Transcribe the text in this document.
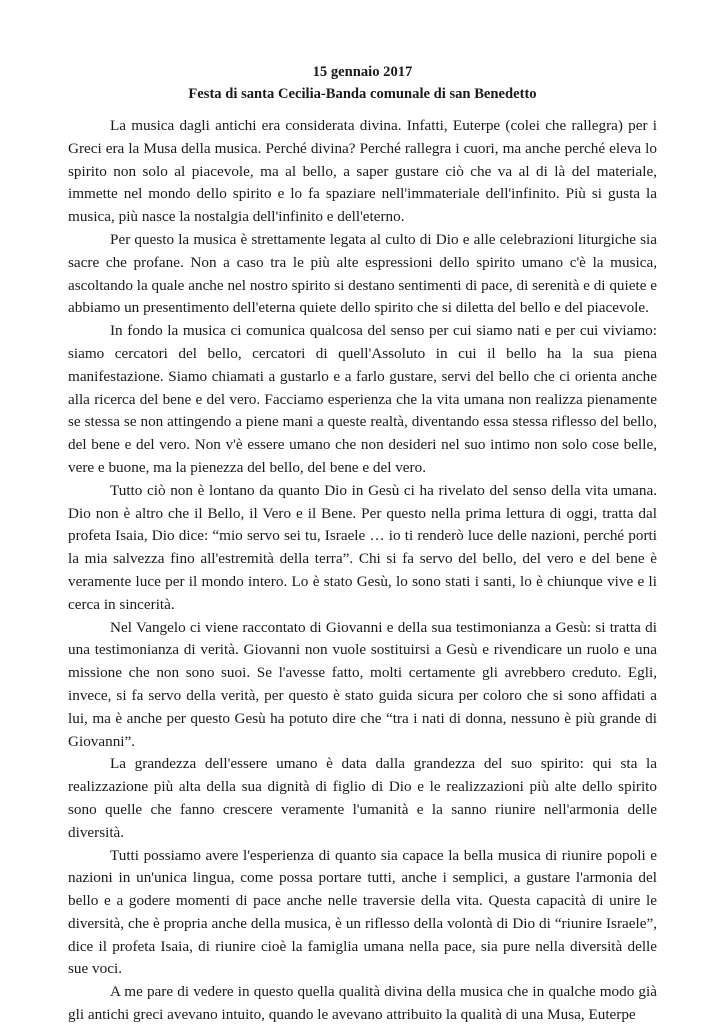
15 gennaio 2017
Festa di santa Cecilia-Banda comunale di san Benedetto

La musica dagli antichi era considerata divina. Infatti, Euterpe (colei che rallegra) per i Greci era la Musa della musica. Perché divina? Perché rallegra i cuori, ma anche perché eleva lo spirito non solo al piacevole, ma al bello, a saper gustare ciò che va al di là del materiale, immette nel mondo dello spirito e lo fa spaziare nell'immateriale dell'infinito. Più si gusta la musica, più nasce la nostalgia dell'infinito e dell'eterno.

Per questo la musica è strettamente legata al culto di Dio e alle celebrazioni liturgiche sia sacre che profane. Non a caso tra le più alte espressioni dello spirito umano c'è la musica, ascoltando la quale anche nel nostro spirito si destano sentimenti di pace, di serenità e di quiete e abbiamo un presentimento dell'eterna quiete dello spirito che si diletta del bello e del piacevole.

In fondo la musica ci comunica qualcosa del senso per cui siamo nati e per cui viviamo: siamo cercatori del bello, cercatori di quell'Assoluto in cui il bello ha la sua piena manifestazione. Siamo chiamati a gustarlo e a farlo gustare, servi del bello che ci orienta anche alla ricerca del bene e del vero. Facciamo esperienza che la vita umana non realizza pienamente se stessa se non attingendo a piene mani a queste realtà, diventando essa stessa riflesso del bello, del bene e del vero. Non v'è essere umano che non desideri nel suo intimo non solo cose belle, vere e buone, ma la pienezza del bello, del bene e del vero.

Tutto ciò non è lontano da quanto Dio in Gesù ci ha rivelato del senso della vita umana. Dio non è altro che il Bello, il Vero e il Bene. Per questo nella prima lettura di oggi, tratta dal profeta Isaia, Dio dice: “mio servo sei tu, Israele … io ti renderò luce delle nazioni, perché porti la mia salvezza fino all'estremità della terra”. Chi si fa servo del bello, del vero e del bene è veramente luce per il mondo intero. Lo è stato Gesù, lo sono stati i santi, lo è chiunque vive e li cerca in sincerità.

Nel Vangelo ci viene raccontato di Giovanni e della sua testimonianza a Gesù: si tratta di una testimonianza di verità. Giovanni non vuole sostituirsi a Gesù e rivendicare un ruolo e una missione che non sono suoi. Se l'avesse fatto, molti certamente gli avrebbero creduto. Egli, invece, si fa servo della verità, per questo è stato guida sicura per coloro che si sono affidati a lui, ma è anche per questo Gesù ha potuto dire che “tra i nati di donna, nessuno è più grande di Giovanni”.

La grandezza dell'essere umano è data dalla grandezza del suo spirito: qui sta la realizzazione più alta della sua dignità di figlio di Dio e le realizzazioni più alte dello spirito sono quelle che fanno crescere veramente l'umanità e la sanno riunire nell'armonia delle diversità.

Tutti possiamo avere l'esperienza di quanto sia capace la bella musica di riunire popoli e nazioni in un'unica lingua, come possa portare tutti, anche i semplici, a gustare l'armonia del bello e a godere momenti di pace anche nelle traversie della vita. Questa capacità di unire le diversità, che è propria anche della musica, è un riflesso della volontà di Dio di “riunire Israele”, dice il profeta Isaia, di riunire cioè la famiglia umana nella pace, sia pure nella diversità delle sue voci.

A me pare di vedere in questo quella qualità divina della musica che in qualche modo già gli antichi greci avevano intuito, quando le avevano attribuito la qualità di una Musa, Euterpe
